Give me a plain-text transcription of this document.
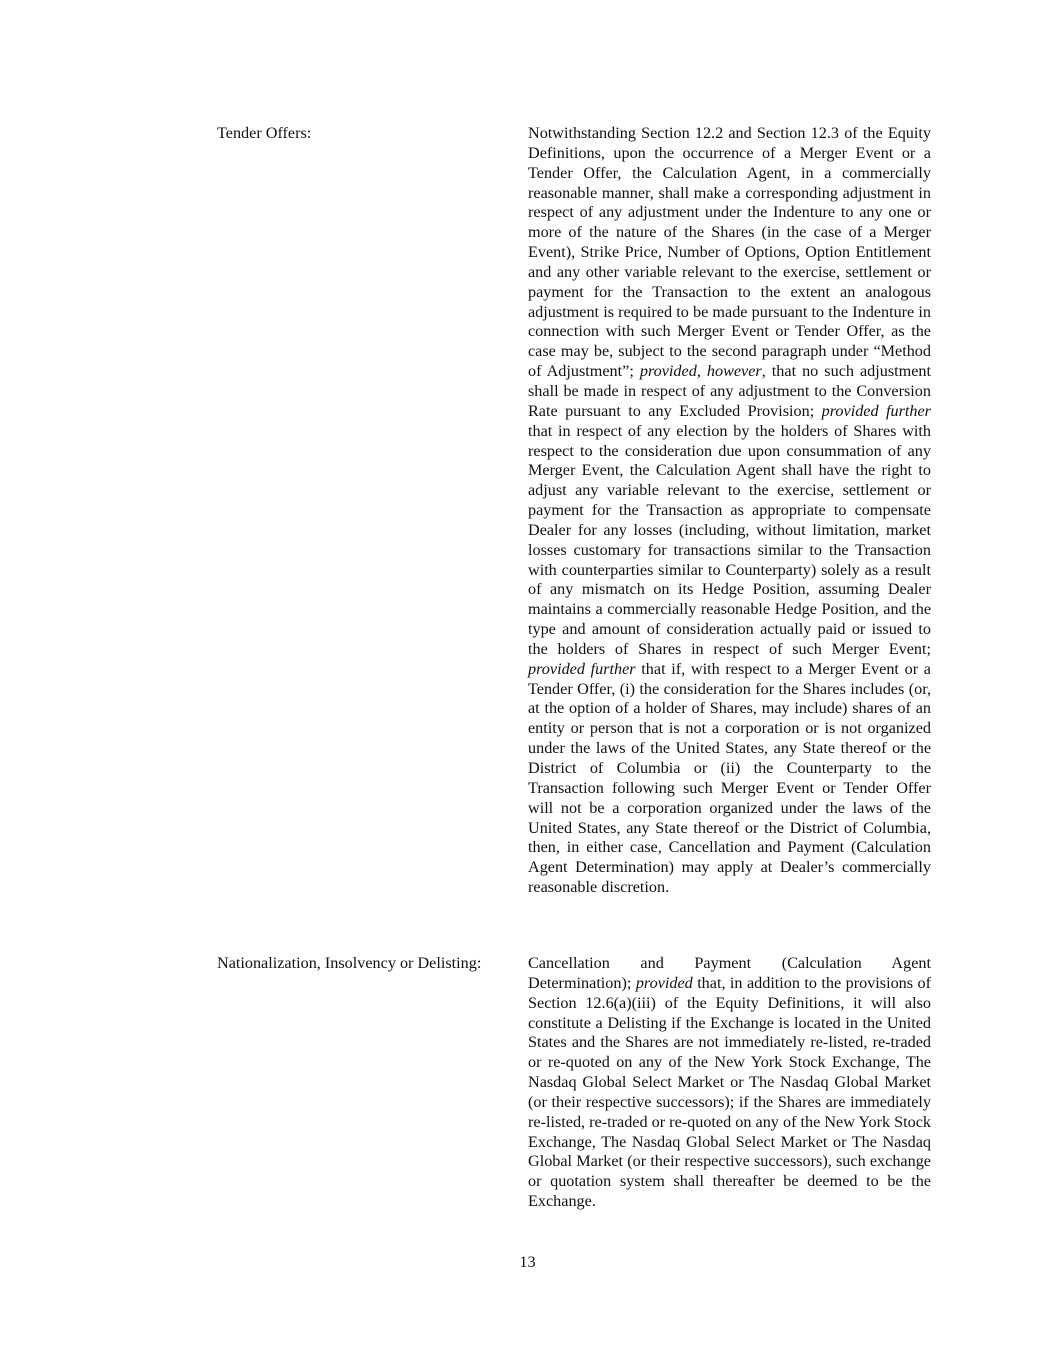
Tender Offers:	Notwithstanding Section 12.2 and Section 12.3 of the Equity Definitions, upon the occurrence of a Merger Event or a Tender Offer, the Calculation Agent, in a commercially reasonable manner, shall make a corresponding adjustment in respect of any adjustment under the Indenture to any one or more of the nature of the Shares (in the case of a Merger Event), Strike Price, Number of Options, Option Entitlement and any other variable relevant to the exercise, settlement or payment for the Transaction to the extent an analogous adjustment is required to be made pursuant to the Indenture in connection with such Merger Event or Tender Offer, as the case may be, subject to the second paragraph under “Method of Adjustment”; provided, however, that no such adjustment shall be made in respect of any adjustment to the Conversion Rate pursuant to any Excluded Provision; provided further that in respect of any election by the holders of Shares with respect to the consideration due upon consummation of any Merger Event, the Calculation Agent shall have the right to adjust any variable relevant to the exercise, settlement or payment for the Transaction as appropriate to compensate Dealer for any losses (including, without limitation, market losses customary for transactions similar to the Transaction with counterparties similar to Counterparty) solely as a result of any mismatch on its Hedge Position, assuming Dealer maintains a commercially reasonable Hedge Position, and the type and amount of consideration actually paid or issued to the holders of Shares in respect of such Merger Event; provided further that if, with respect to a Merger Event or a Tender Offer, (i) the consideration for the Shares includes (or, at the option of a holder of Shares, may include) shares of an entity or person that is not a corporation or is not organized under the laws of the United States, any State thereof or the District of Columbia or (ii) the Counterparty to the Transaction following such Merger Event or Tender Offer will not be a corporation organized under the laws of the United States, any State thereof or the District of Columbia, then, in either case, Cancellation and Payment (Calculation Agent Determination) may apply at Dealer’s commercially reasonable discretion.

Nationalization, Insolvency or Delisting:	Cancellation and Payment (Calculation Agent Determination); provided that, in addition to the provisions of Section 12.6(a)(iii) of the Equity Definitions, it will also constitute a Delisting if the Exchange is located in the United States and the Shares are not immediately re-listed, re-traded or re-quoted on any of the New York Stock Exchange, The Nasdaq Global Select Market or The Nasdaq Global Market (or their respective successors); if the Shares are immediately re-listed, re-traded or re-quoted on any of the New York Stock Exchange, The Nasdaq Global Select Market or The Nasdaq Global Market (or their respective successors), such exchange or quotation system shall thereafter be deemed to be the Exchange.

13
